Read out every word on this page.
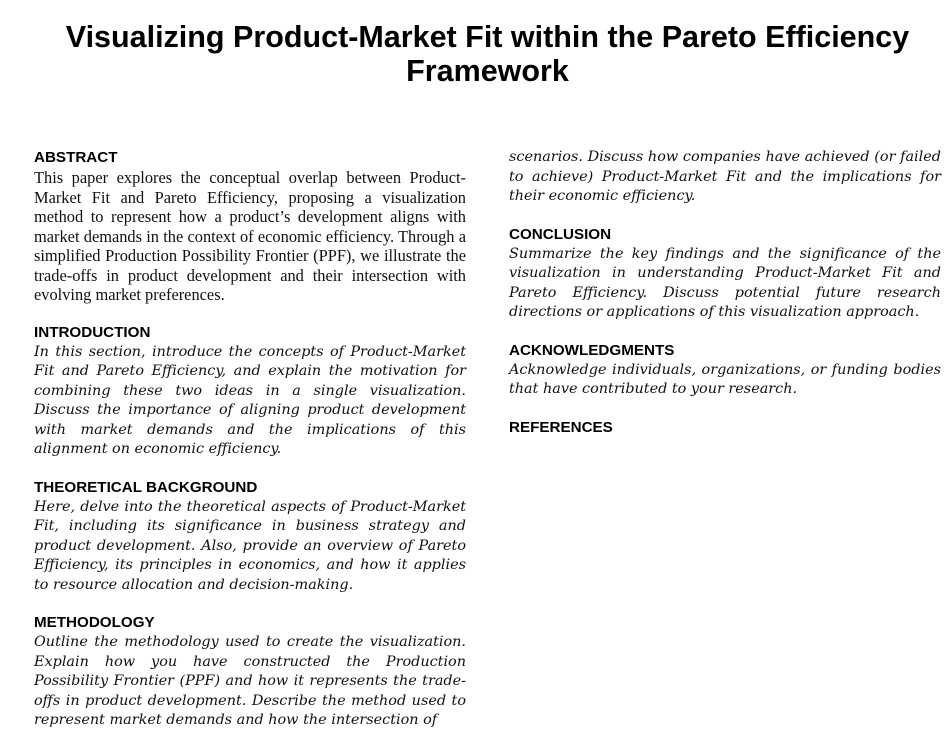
Visualizing Product-Market Fit within the Pareto Efficiency Framework
ABSTRACT

This paper explores the conceptual overlap between Product-Market Fit and Pareto Efficiency, proposing a visualization method to represent how a product’s development aligns with market demands in the context of economic efficiency. Through a simplified Production Possibility Frontier (PPF), we illustrate the trade-offs in product development and their intersection with evolving market preferences.

INTRODUCTION

In this section, introduce the concepts of Product-Market Fit and Pareto Efficiency, and explain the motivation for combining these two ideas in a single visualization. Discuss the importance of aligning product development with market demands and the implications of this alignment on economic efficiency.

THEORETICAL BACKGROUND

Here, delve into the theoretical aspects of Product-Market Fit, including its significance in business strategy and product development. Also, provide an overview of Pareto Efficiency, its principles in economics, and how it applies to resource allocation and decision-making.

METHODOLOGY

Outline the methodology used to create the visualization. Explain how you have constructed the Production Possibility Frontier (PPF) and how it represents the trade-offs in product development. Describe the method used to represent market demands and how the intersection of

scenarios. Discuss how companies have achieved (or failed to achieve) Product-Market Fit and the implications for their economic efficiency.

CONCLUSION

Summarize the key findings and the significance of the visualization in understanding Product-Market Fit and Pareto Efficiency. Discuss potential future research directions or applications of this visualization approach.

ACKNOWLEDGMENTS

Acknowledge individuals, organizations, or funding bodies that have contributed to your research.

REFERENCES
